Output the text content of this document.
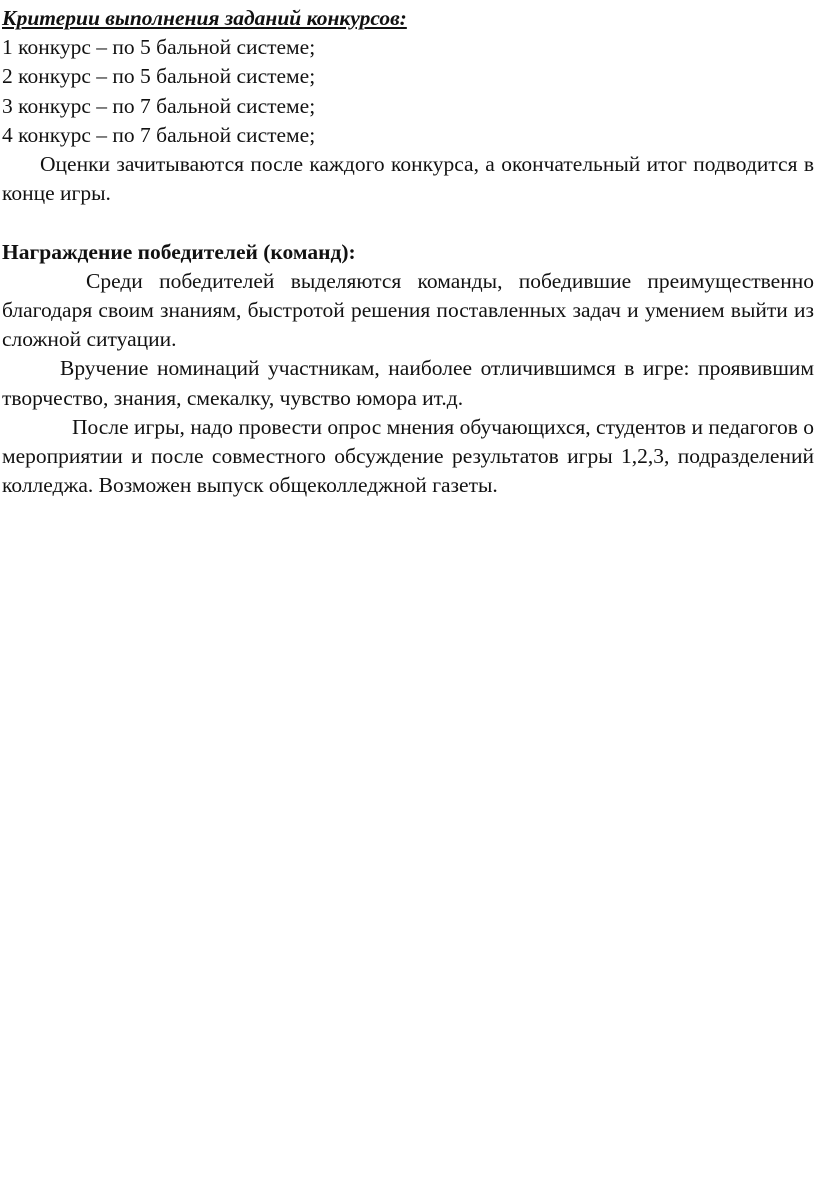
Критерии выполнения заданий конкурсов:

1 конкурс – по 5 бальной системе;

2 конкурс – по 5 бальной системе;

3 конкурс – по 7 бальной системе;

4 конкурс – по 7 бальной системе;

Оценки зачитываются после каждого конкурса, а окончательный итог подводится в конце игры.

Награждение победителей (команд):

Среди победителей выделяются команды, победившие преимущественно благодаря своим знаниям, быстротой решения поставленных задач и умением выйти из сложной ситуации.

Вручение номинаций участникам, наиболее отличившимся в игре: проявившим творчество, знания, смекалку, чувство юмора ит.д.

После игры, надо провести опрос мнения обучающихся, студентов и педагогов о мероприятии и после совместного обсуждение результатов игры 1,2,3, подразделений колледжа. Возможен выпуск общеколледжной газеты.
